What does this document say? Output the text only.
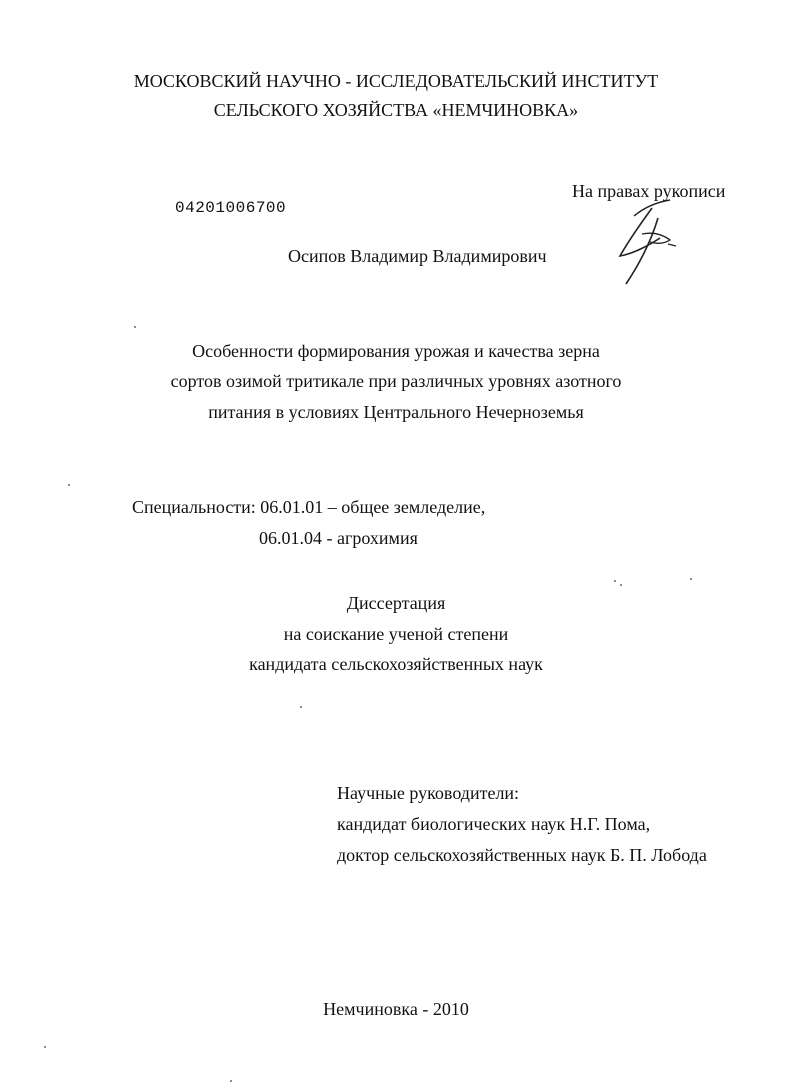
МОСКОВСКИЙ НАУЧНО - ИССЛЕДОВАТЕЛЬСКИЙ ИНСТИТУТ
СЕЛЬСКОГО ХОЗЯЙСТВА «НЕМЧИНОВКА»
На правах рукописи
04201006700
Осипов Владимир Владимирович
Особенности формирования урожая и качества зерна
сортов озимой тритикале при различных уровнях азотного
питания в условиях Центрального Нечерноземья
Специальности: 06.01.01 – общее земледелие,
06.01.04 - агрохимия
Диссертация
на соискание ученой степени
кандидата сельскохозяйственных наук
Научные руководители:
кандидат биологических наук Н.Г. Пома,
доктор сельскохозяйственных наук Б. П. Лобода
Немчиновка - 2010
